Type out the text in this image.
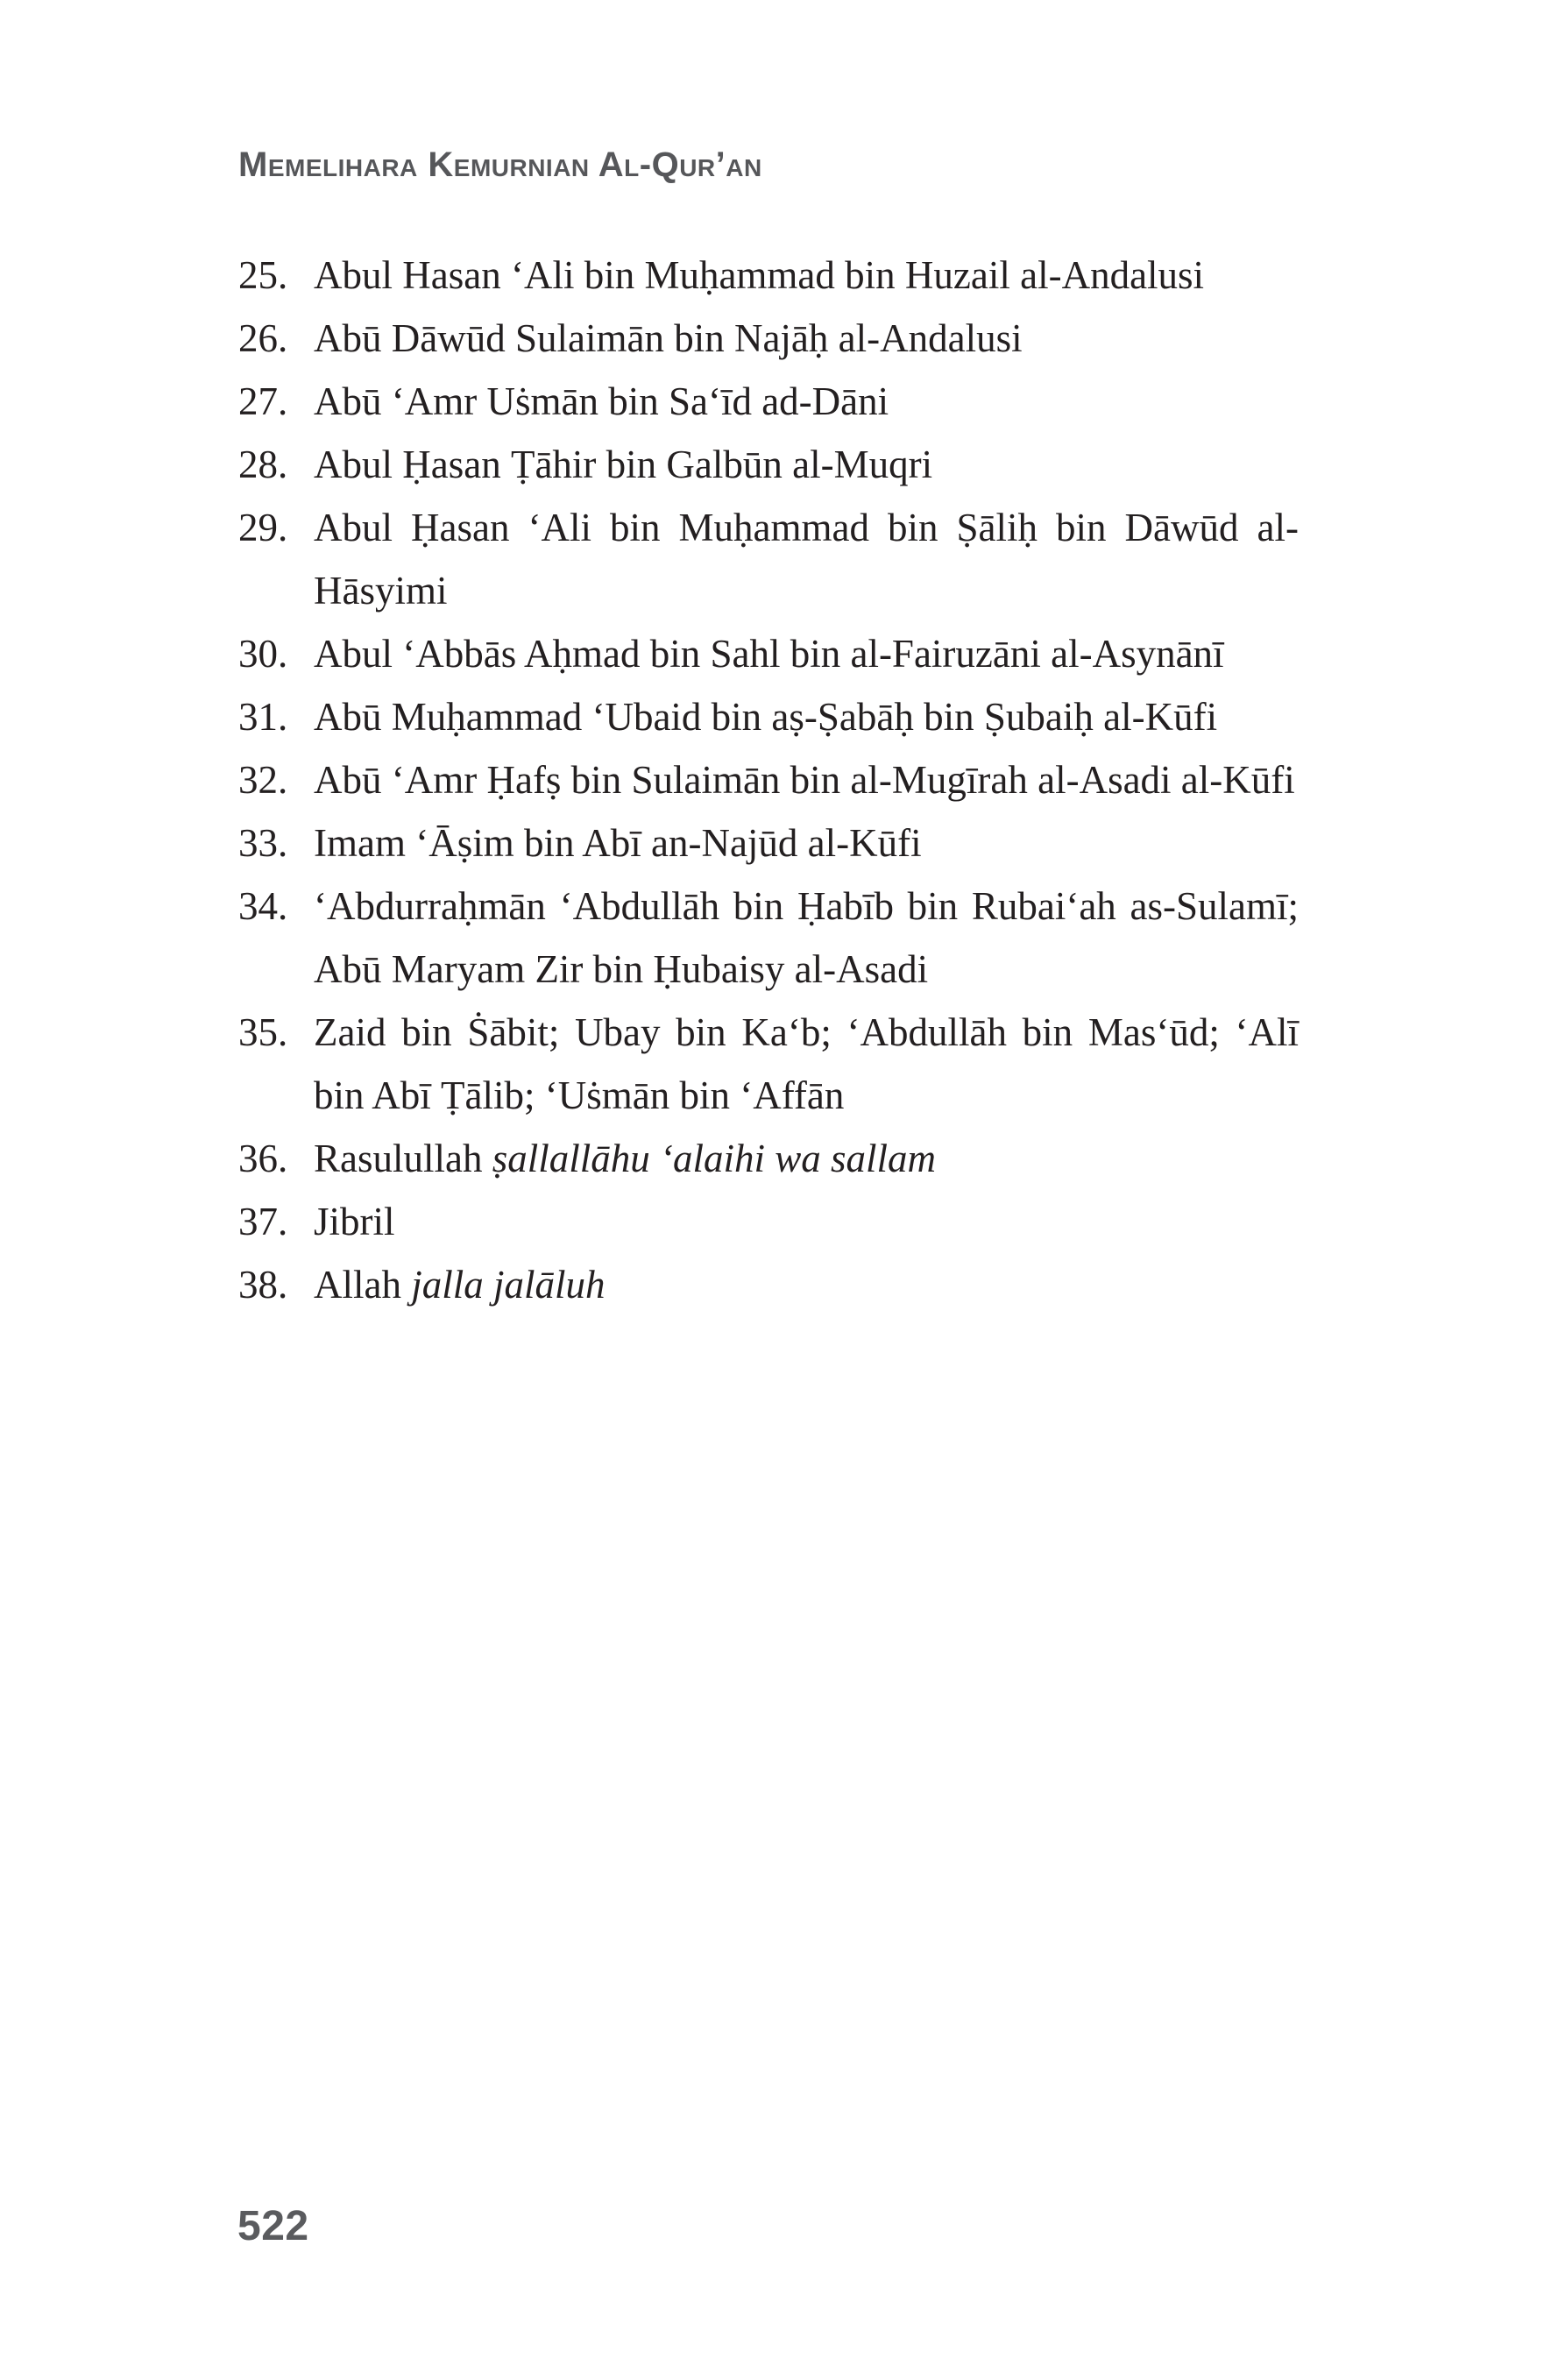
Memelihara Kemurnian Al-Qur’an
25. Abul Hasan ‘Ali bin Muḥammad bin Huzail al-Andalusi
26. Abū Dāwūd Sulaimān bin Najāḥ al-Andalusi
27. Abū ‘Amr Uṡmān bin Sa‘īd ad-Dāni
28. Abul Ḥasan Ṭāhir bin Galbūn al-Muqri
29. Abul Ḥasan ‘Ali bin Muḥammad bin Ṣāliḥ bin Dāwūd al-Hāsyimi
30. Abul ‘Abbās Aḥmad bin Sahl bin al-Fairuzāni al-Asynānī
31. Abū Muḥammad ‘Ubaid bin aṣ-Ṣabāḥ bin Ṣubaiḥ al-Kūfi
32. Abū ‘Amr Ḥafṣ bin Sulaimān bin al-Mugīrah al-Asadi al-Kūfi
33. Imam ‘Āṣim bin Abī an-Najūd al-Kūfi
34. ‘Abdurraḥmān ‘Abdullāh bin Ḥabīb bin Rubai‘ah as-Sulamī; Abū Maryam Zir bin Ḥubaisy al-Asadi
35. Zaid bin Ṡābit; Ubay bin Ka‘b; ‘Abdullāh bin Mas‘ūd; ‘Alī bin Abī Ṭālib; ‘Uṡmān bin ‘Affān
36. Rasulullah ṣallallāhu ‘alaihi wa sallam
37. Jibril
38. Allah jalla jalāluh
522
